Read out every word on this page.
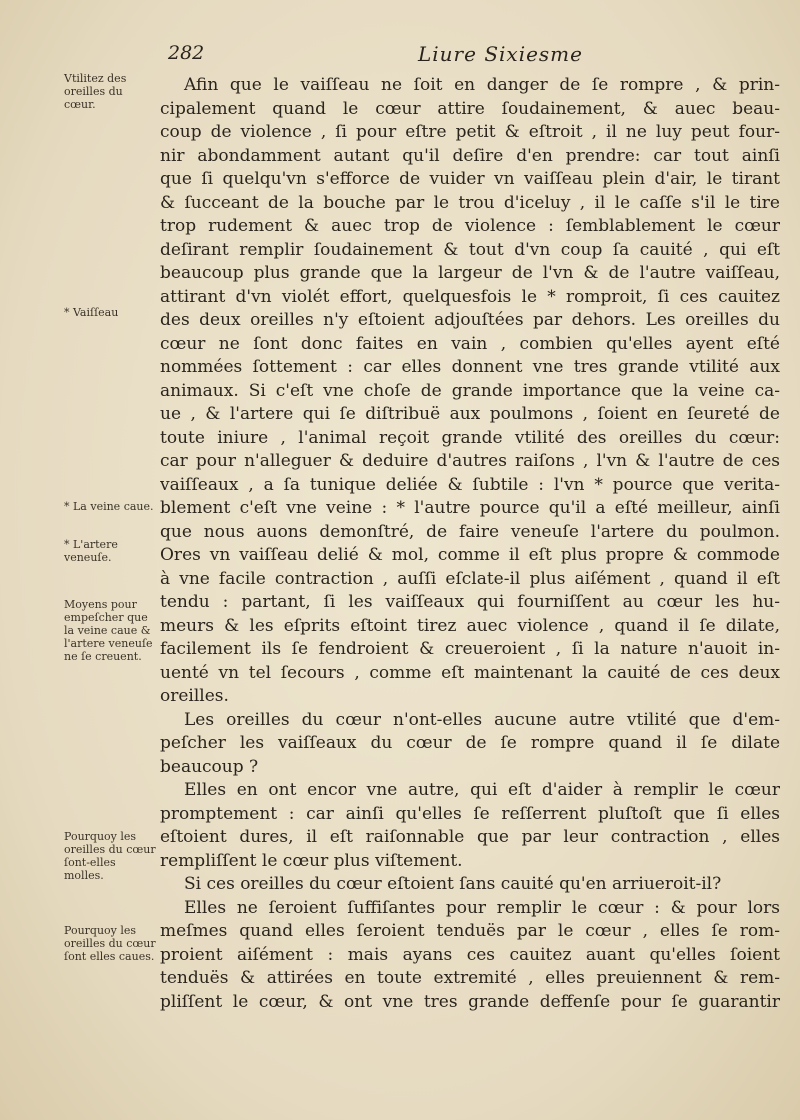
282	Liure Sixiesme
Vtilitez des oreilles du cœur.
* Vaiſſeau
* La veine caue.
* L'artere veneuſe.
Moyens pour empeſcher que la veine caue & l'artere veneuſe ne ſe creuent.
Pourquoy les oreilles du cœur ſont-elles molles.
Pourquoy les oreilles du cœur ſont elles caues.
Afin que le vaiſſeau ne ſoit en danger de ſe rompre , & prin-
cipalement quand le cœur attire ſoudainement, & auec beau-
coup de violence , ſi pour eſtre petit & eſtroit , il ne luy peut four-
nir abondamment autant qu'il deſire d'en prendre: car tout ainſi
que ſi quelqu'vn s'efforce de vuider vn vaiſſeau plein d'air, le tirant
& ſucceant de la bouche par le trou d'iceluy , il le caſſe s'il le tire
trop rudement & auec trop de violence : ſemblablement le cœur
deſirant remplir ſoudainement & tout d'vn coup ſa cauité , qui eſt
beaucoup plus grande que la largeur de l'vn & de l'autre vaiſſeau,
attirant d'vn violét effort, quelquesfois le * romproit, ſi ces cauitez
des deux oreilles n'y eſtoient adjouſtées par dehors. Les oreilles du
cœur ne ſont donc faites en vain , combien qu'elles ayent eſté
nommées ſottement : car elles donnent vne tres grande vtilité aux
animaux. Si c'eſt vne choſe de grande importance que la veine ca-
ue , & l'artere qui ſe diſtribuë aux poulmons , ſoient en ſeureté de
toute iniure , l'animal reçoit grande vtilité des oreilles du cœur:
car pour n'alleguer & deduire d'autres raiſons , l'vn & l'autre de ces
vaiſſeaux , a ſa tunique deliée & ſubtile : l'vn * pource que verita-
blement c'eſt vne veine : * l'autre pource qu'il a eſté meilleur, ainſi
que nous auons demonſtré, de faire veneuſe l'artere du poulmon.
Ores vn vaiſſeau delié & mol, comme il eſt plus propre & commode
à vne facile contraction , auſſi eſclate-il plus aiſément , quand il eſt
tendu : partant, ſi les vaiſſeaux qui fourniſſent au cœur les hu-
meurs & les eſprits eſtoint tirez auec violence , quand il ſe dilate,
facilement ils ſe fendroient & creueroient , ſi la nature n'auoit in-
uenté vn tel ſecours , comme eſt maintenant la cauité de ces deux
oreilles.
Les oreilles du cœur n'ont-elles aucune autre vtilité que d'em-
peſcher les vaiſſeaux du cœur de ſe rompre quand il ſe dilate
beaucoup ?
Elles en ont encor vne autre, qui eſt d'aider à remplir le cœur
promptement : car ainſi qu'elles ſe reſſerrent pluſtoſt que ſi elles
eſtoient dures, il eſt raiſonnable que par leur contraction , elles
rempliſſent le cœur plus viſtement.
Si ces oreilles du cœur eſtoient ſans cauité qu'en arriueroit-il?
Elles ne ſeroient ſuffiſantes pour remplir le cœur : & pour lors
meſmes quand elles ſeroient tenduës par le cœur , elles ſe rom-
proient aiſément : mais ayans ces cauitez auant qu'elles ſoient
tenduës & attirées en toute extremité , elles preuiennent & rem-
pliſſent le cœur, & ont vne tres grande deffenſe pour ſe guarantir
